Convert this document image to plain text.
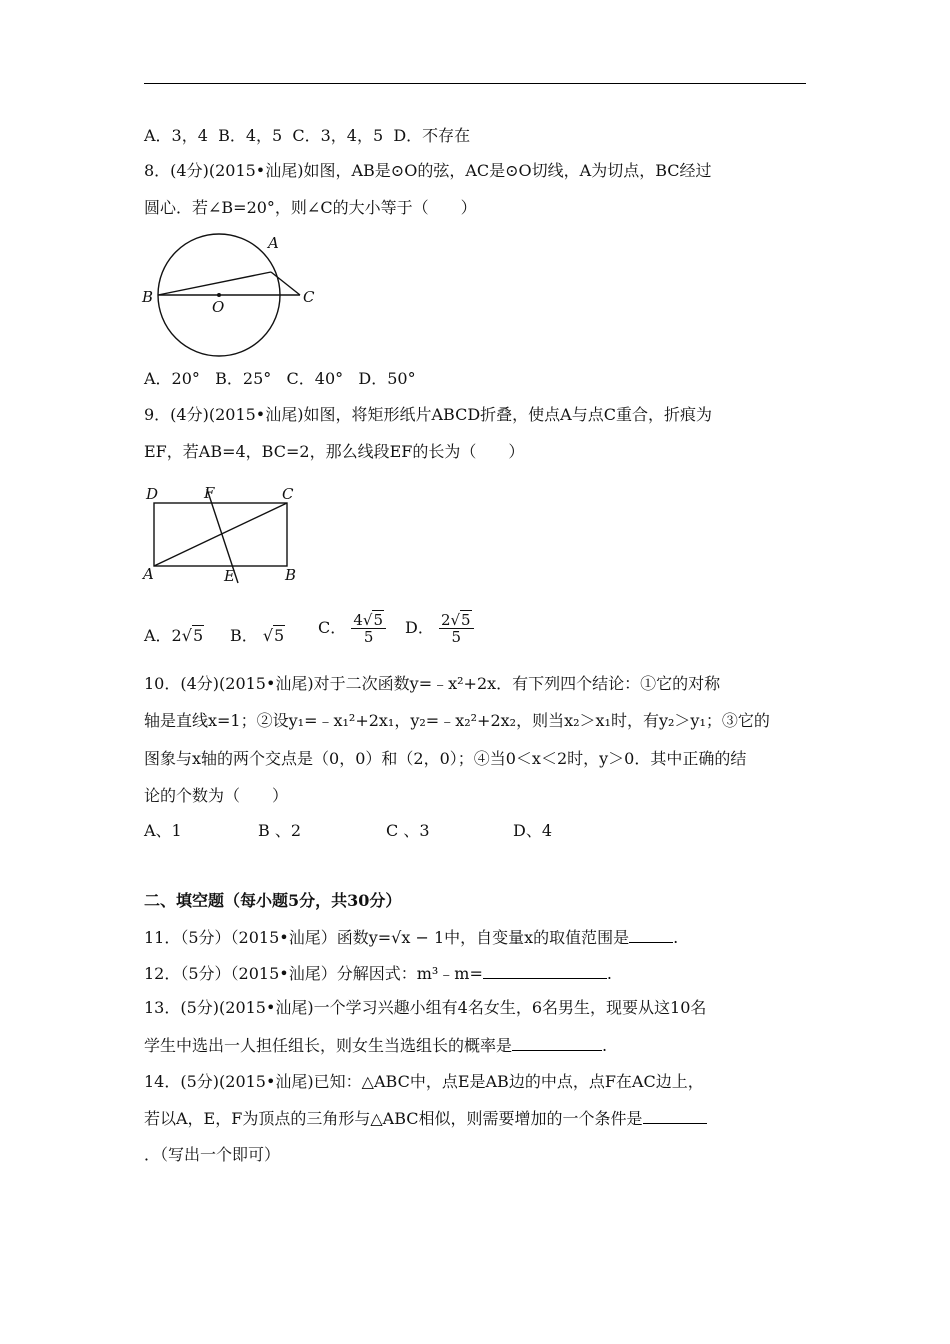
A．3，4  B．4，5  C．3，4，5  D．不存在
8．(4分)(2015•汕尾)如图，AB是⊙O的弦，AC是⊙O切线，A为切点，BC经过
圆心．若∠B=20°，则∠C的大小等于（　　）
A
B
O
C
A．20°   B．25°   C．40°   D．50°
9．(4分)(2015•汕尾)如图，将矩形纸片ABCD折叠，使点A与点C重合，折痕为
EF，若AB=4，BC=2，那么线段EF的长为（　　）
D	F	C
A	E	B
A．2√5 B． √5 C． $\frac{4√5}{5}$ D． $\frac{2√5}{5}$
10．(4分)(2015•汕尾)对于二次函数y=﹣x²+2x．有下列四个结论：①它的对称
轴是直线x=1；②设y₁=﹣x₁²+2x₁，y₂=﹣x₂²+2x₂，则当x₂＞x₁时，有y₂＞y₁；③它的
图象与x轴的两个交点是（0，0）和（2，0）；④当0＜x＜2时，y＞0．其中正确的结
论的个数为（　　）
A、1	B 、2	C 、3	D、4
二、填空题（每小题5分，共30分）
11．（5分）（2015•汕尾）函数y=√x − 1中，自变量x的取值范围是	.
12．（5分）（2015•汕尾）分解因式：m³﹣m=	.
13．(5分)(2015•汕尾)一个学习兴趣小组有4名女生，6名男生，现要从这10名
学生中选出一人担任组长，则女生当选组长的概率是	.
14．(5分)(2015•汕尾)已知：△ABC中，点E是AB边的中点，点F在AC边上，
若以A，E，F为顶点的三角形与△ABC相似，则需要增加的一个条件是
．（写出一个即可）
